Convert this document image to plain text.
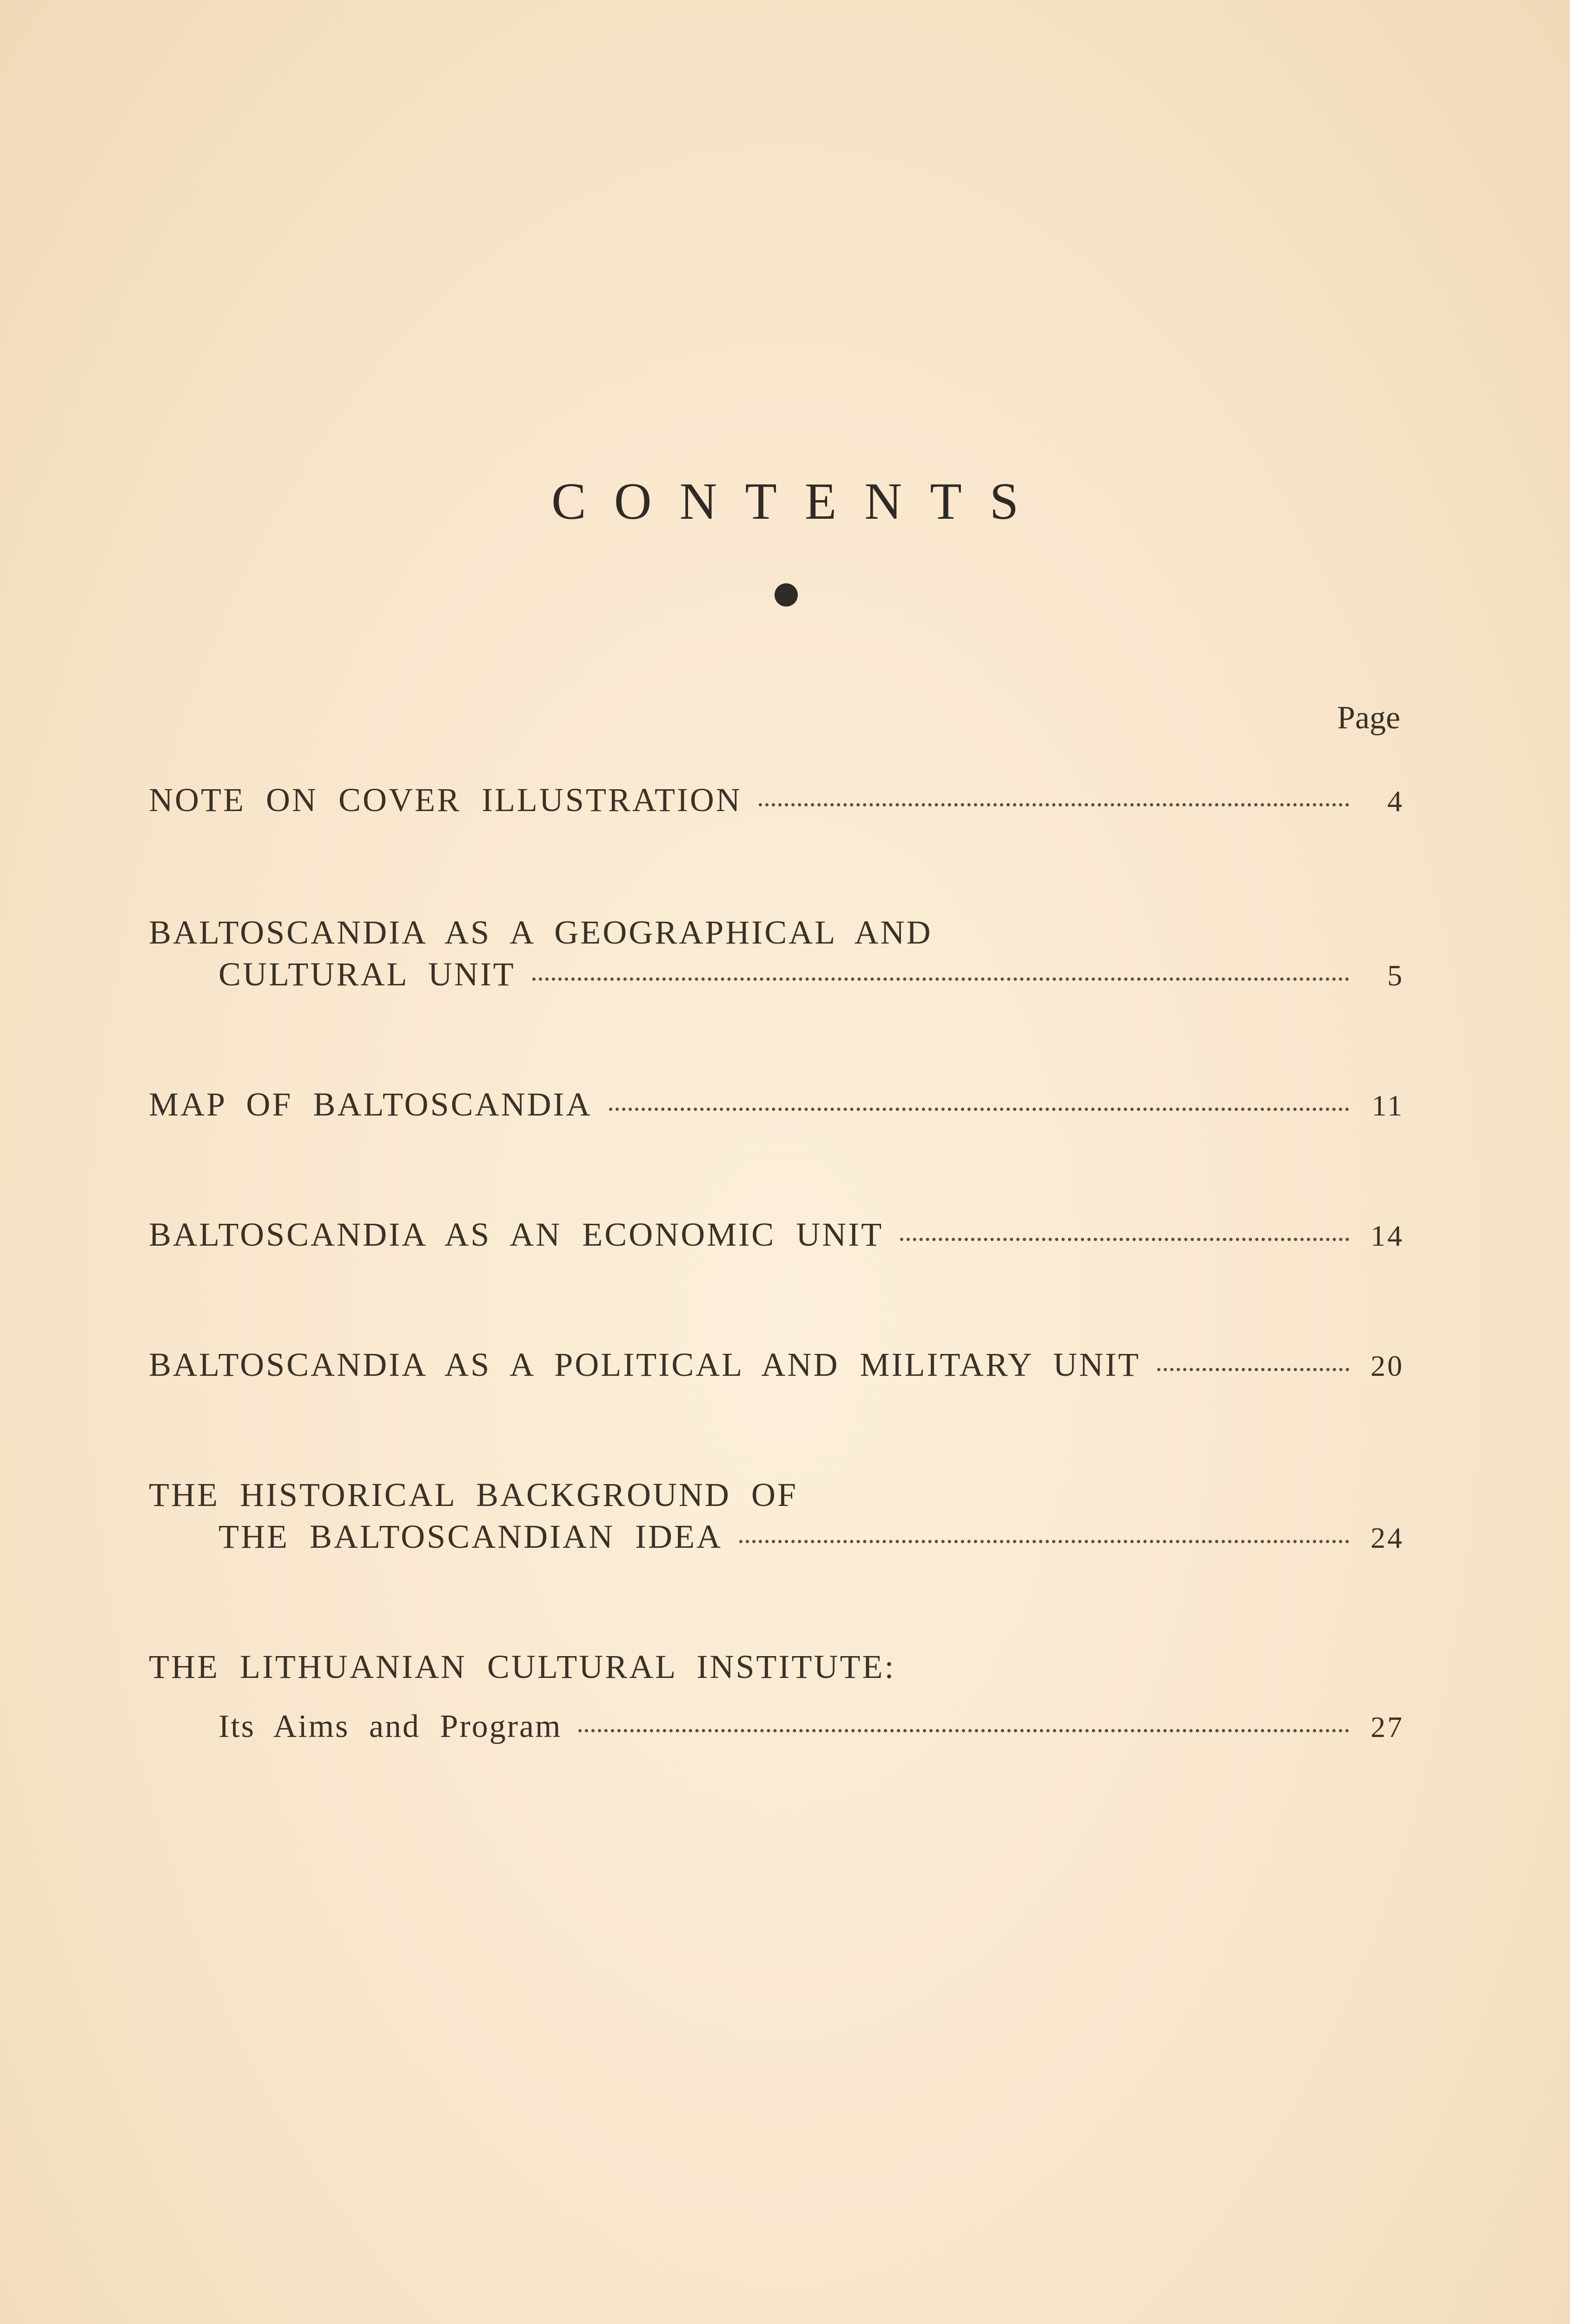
CONTENTS
Page
NOTE ON COVER ILLUSTRATION	4
BALTOSCANDIA AS A GEOGRAPHICAL AND
CULTURAL UNIT	5
MAP OF BALTOSCANDIA	11
BALTOSCANDIA AS AN ECONOMIC UNIT	14
BALTOSCANDIA AS A POLITICAL AND MILITARY UNIT	20
THE HISTORICAL BACKGROUND OF
THE BALTOSCANDIAN IDEA	24
THE LITHUANIAN CULTURAL INSTITUTE:
Its Aims and Program	27
